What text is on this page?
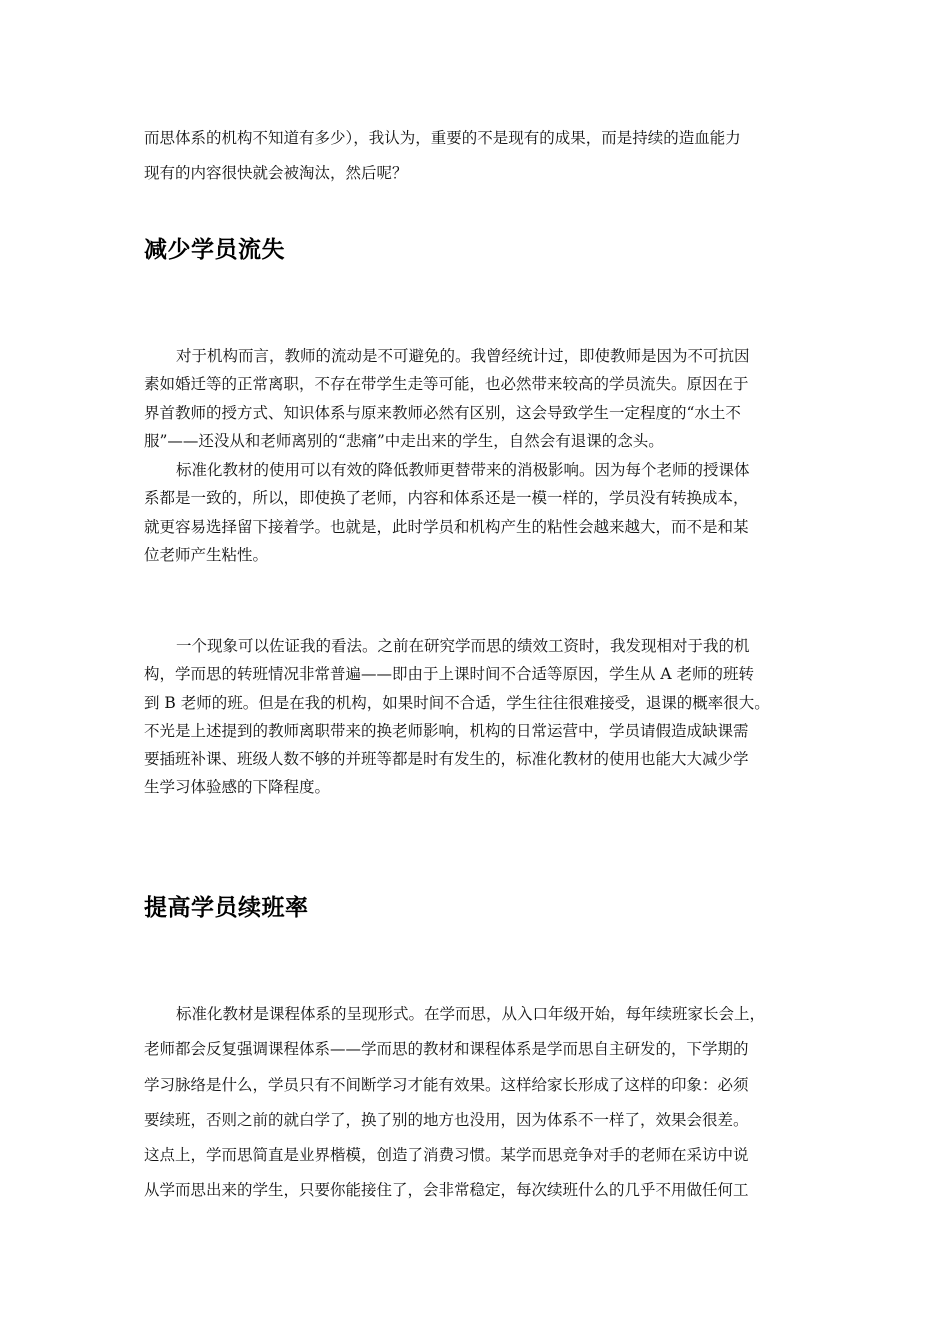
而思体系的机构不知道有多少），我认为，重要的不是现有的成果，而是持续的造血能力
现有的内容很快就会被淘汰，然后呢？
减少学员流失
对于机构而言，教师的流动是不可避免的。我曾经统计过，即使教师是因为不可抗因
素如婚迁等的正常离职，不存在带学生走等可能，也必然带来较高的学员流失。原因在于
界首教师的授方式、知识体系与原来教师必然有区别，这会导致学生一定程度的“水土不
服”——还没从和老师离别的“悲痛”中走出来的学生，自然会有退课的念头。
标准化教材的使用可以有效的降低教师更替带来的消极影响。因为每个老师的授课体
系都是一致的，所以，即使换了老师，内容和体系还是一模一样的，学员没有转换成本，
就更容易选择留下接着学。也就是，此时学员和机构产生的粘性会越来越大，而不是和某
位老师产生粘性。
一个现象可以佐证我的看法。之前在研究学而思的绩效工资时，我发现相对于我的机
构，学而思的转班情况非常普遍——即由于上课时间不合适等原因，学生从 A 老师的班转
到 B 老师的班。但是在我的机构，如果时间不合适，学生往往很难接受，退课的概率很大。
不光是上述提到的教师离职带来的换老师影响，机构的日常运营中，学员请假造成缺课需
要插班补课、班级人数不够的并班等都是时有发生的，标准化教材的使用也能大大减少学
生学习体验感的下降程度。
提高学员续班率
标准化教材是课程体系的呈现形式。在学而思，从入口年级开始，每年续班家长会上，
老师都会反复强调课程体系——学而思的教材和课程体系是学而思自主研发的，下学期的
学习脉络是什么，学员只有不间断学习才能有效果。这样给家长形成了这样的印象：必须
要续班，否则之前的就白学了，换了别的地方也没用，因为体系不一样了，效果会很差。
这点上，学而思简直是业界楷模，创造了消费习惯。某学而思竞争对手的老师在采访中说
从学而思出来的学生，只要你能接住了，会非常稳定，每次续班什么的几乎不用做任何工
